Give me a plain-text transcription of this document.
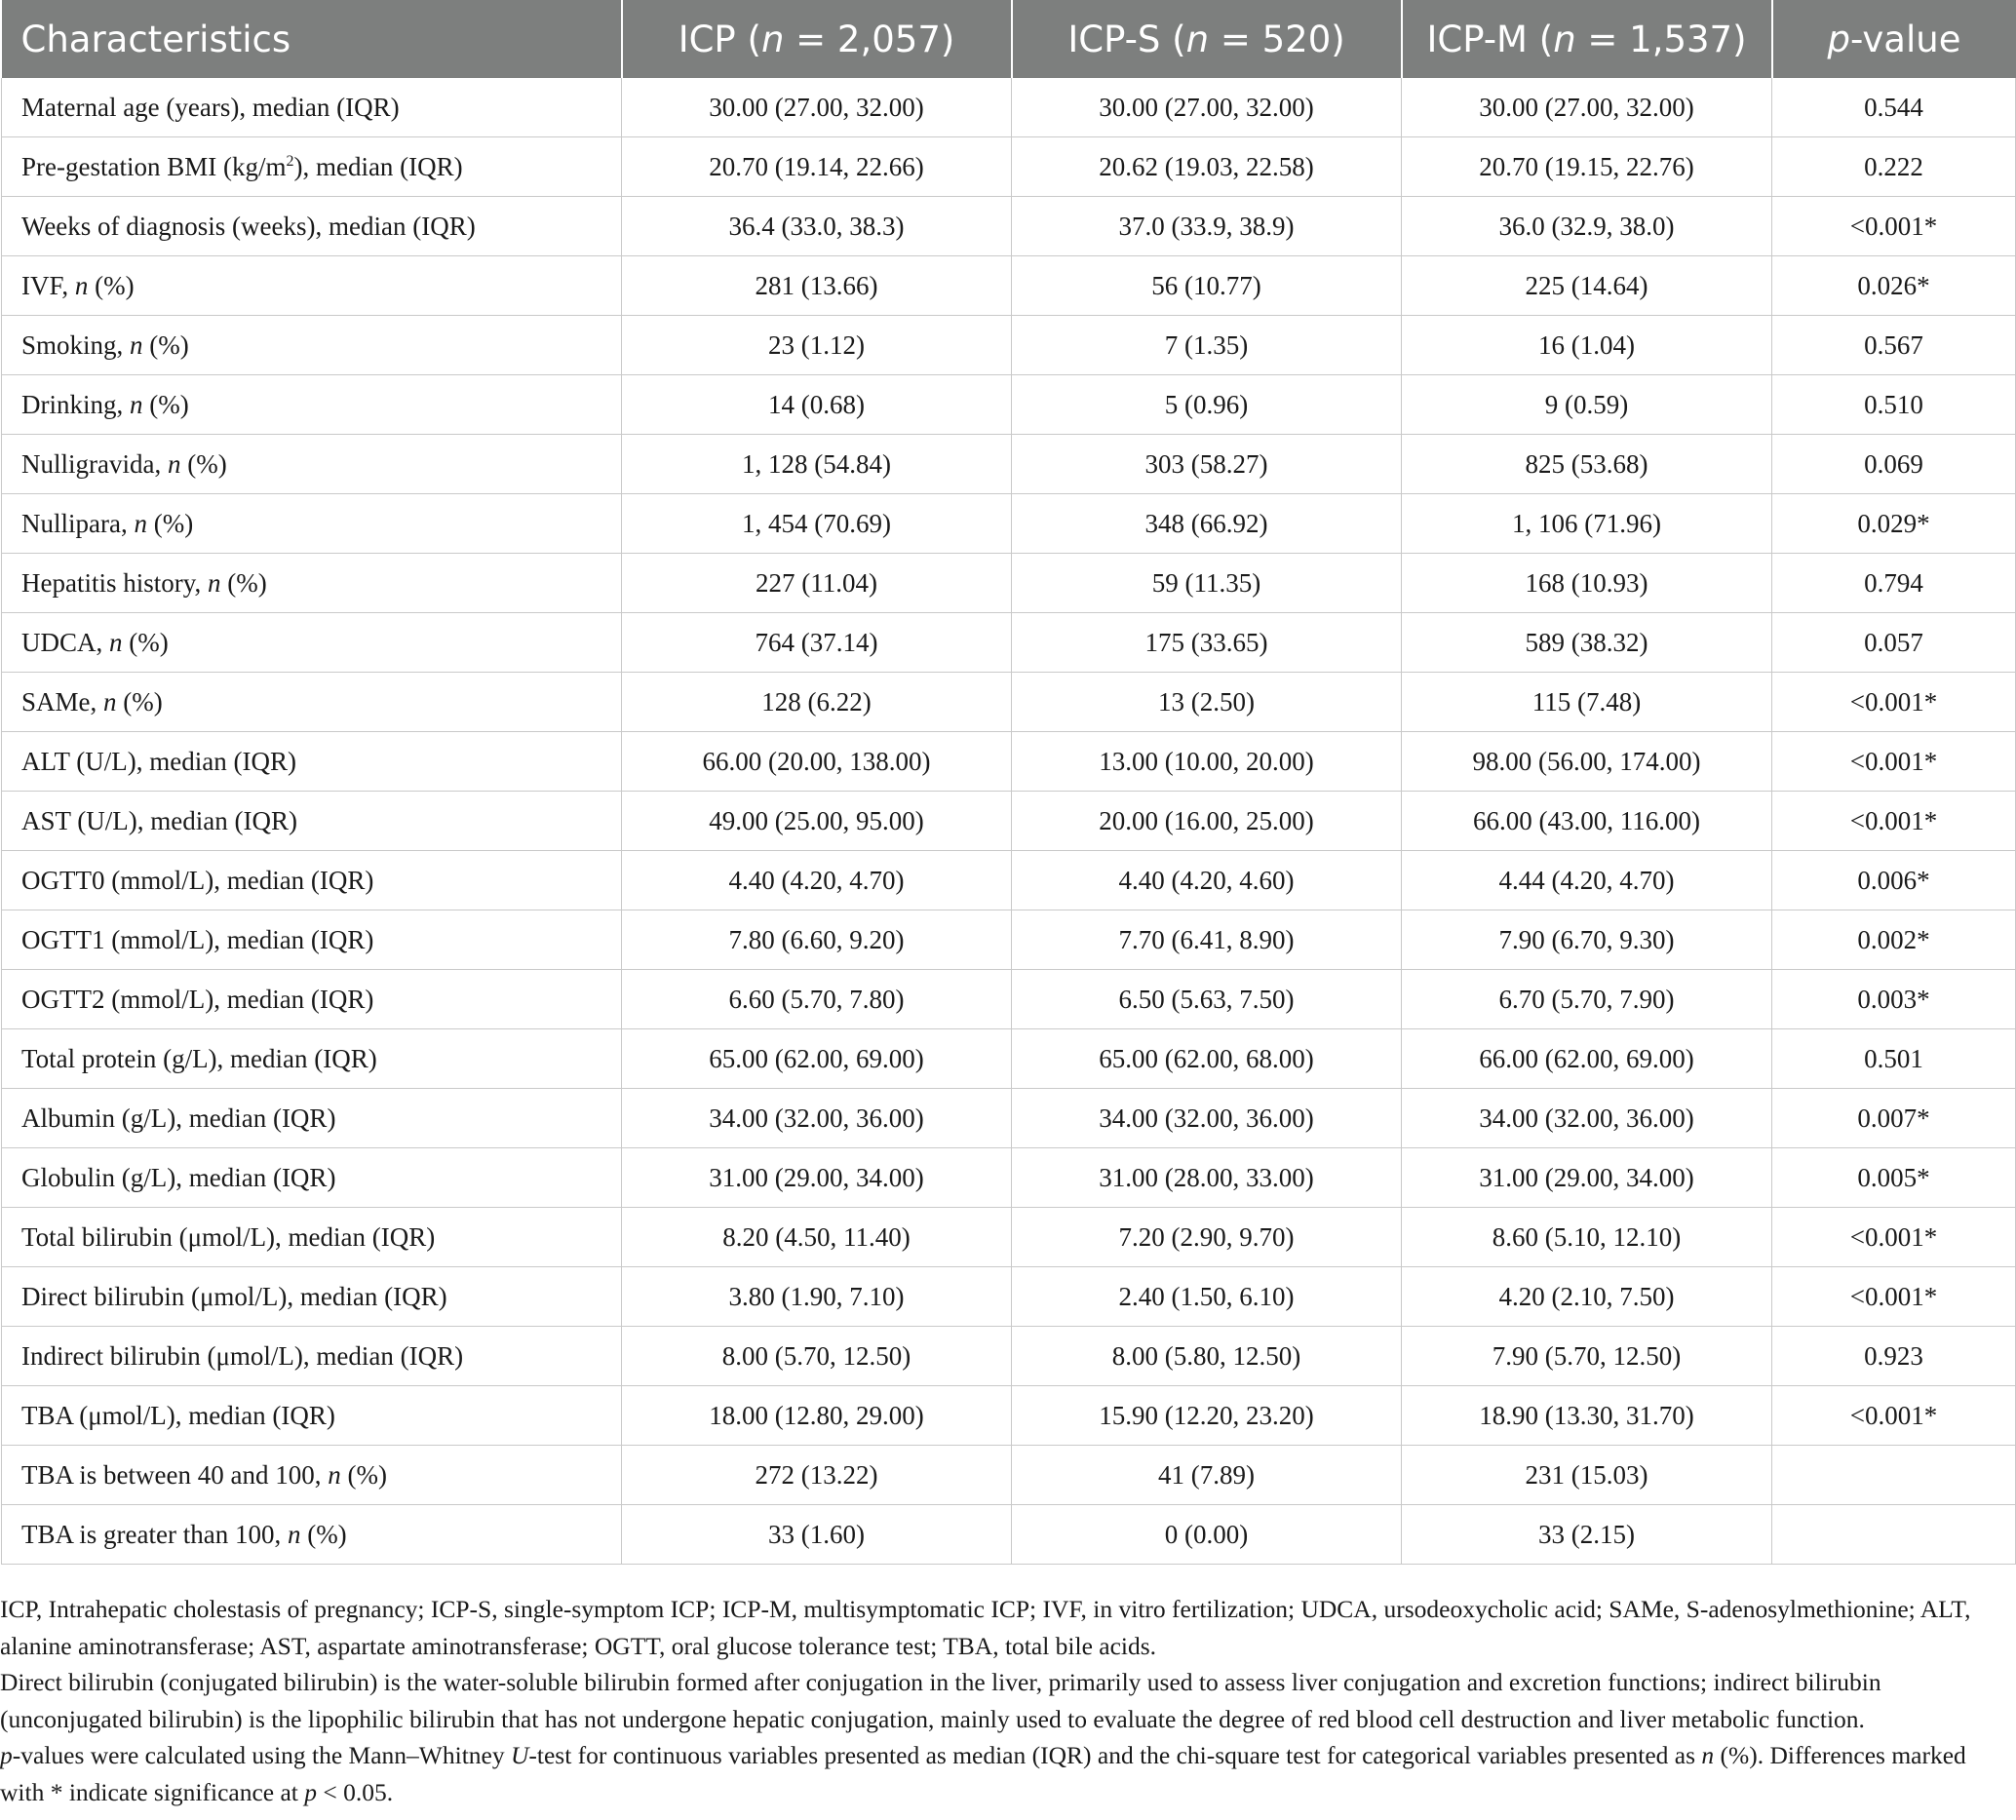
Characteristics	ICP (n = 2,057)	ICP-S (n = 520)	ICP-M (n = 1,537)	p-value
Maternal age (years), median (IQR)	30.00 (27.00, 32.00)	30.00 (27.00, 32.00)	30.00 (27.00, 32.00)	0.544
Pre-gestation BMI $(kg/m^2)$, median (IQR)	20.70 (19.14, 22.66)	20.62 (19.03, 22.58)	20.70 (19.15, 22.76)	0.222
Weeks of diagnosis (weeks), median (IQR)	36.4 (33.0, 38.3)	37.0 (33.9, 38.9)	36.0 (32.9, 38.0)	<0.001*
IVF, n (%)	281 (13.66)	56 (10.77)	225 (14.64)	0.026*
Smoking, n (%)	23 (1.12)	7 (1.35)	16 (1.04)	0.567
Drinking, n (%)	14 (0.68)	5 (0.96)	9 (0.59)	0.510
Nulligravida, n (%)	1, 128 (54.84)	303 (58.27)	825 (53.68)	0.069
Nullipara, n (%)	1, 454 (70.69)	348 (66.92)	1, 106 (71.96)	0.029*
Hepatitis history, n (%)	227 (11.04)	59 (11.35)	168 (10.93)	0.794
UDCA, n (%)	764 (37.14)	175 (33.65)	589 (38.32)	0.057
SAMe, n (%)	128 (6.22)	13 (2.50)	115 (7.48)	<0.001*
ALT (U/L), median (IQR)	66.00 (20.00, 138.00)	13.00 (10.00, 20.00)	98.00 (56.00, 174.00)	<0.001*
AST (U/L), median (IQR)	49.00 (25.00, 95.00)	20.00 (16.00, 25.00)	66.00 (43.00, 116.00)	<0.001*
OGTT0 (mmol/L), median (IQR)	4.40 (4.20, 4.70)	4.40 (4.20, 4.60)	4.44 (4.20, 4.70)	0.006*
OGTT1 (mmol/L), median (IQR)	7.80 (6.60, 9.20)	7.70 (6.41, 8.90)	7.90 (6.70, 9.30)	0.002*
OGTT2 (mmol/L), median (IQR)	6.60 (5.70, 7.80)	6.50 (5.63, 7.50)	6.70 (5.70, 7.90)	0.003*
Total protein (g/L), median (IQR)	65.00 (62.00, 69.00)	65.00 (62.00, 68.00)	66.00 (62.00, 69.00)	0.501
Albumin (g/L), median (IQR)	34.00 (32.00, 36.00)	34.00 (32.00, 36.00)	34.00 (32.00, 36.00)	0.007*
Globulin (g/L), median (IQR)	31.00 (29.00, 34.00)	31.00 (28.00, 33.00)	31.00 (29.00, 34.00)	0.005*
Total bilirubin (μmol/L), median (IQR)	8.20 (4.50, 11.40)	7.20 (2.90, 9.70)	8.60 (5.10, 12.10)	<0.001*
Direct bilirubin (μmol/L), median (IQR)	3.80 (1.90, 7.10)	2.40 (1.50, 6.10)	4.20 (2.10, 7.50)	<0.001*
Indirect bilirubin (μmol/L), median (IQR)	8.00 (5.70, 12.50)	8.00 (5.80, 12.50)	7.90 (5.70, 12.50)	0.923
TBA (μmol/L), median (IQR)	18.00 (12.80, 29.00)	15.90 (12.20, 23.20)	18.90 (13.30, 31.70)	<0.001*
TBA is between 40 and 100, n (%)	272 (13.22)	41 (7.89)	231 (15.03)	
TBA is greater than 100, n (%)	33 (1.60)	0 (0.00)	33 (2.15)	

ICP, Intrahepatic cholestasis of pregnancy; ICP-S, single-symptom ICP; ICP-M, multisymptomatic ICP; IVF, in vitro fertilization; UDCA, ursodeoxycholic acid; SAMe, S-adenosylmethionine; ALT, alanine aminotransferase; AST, aspartate aminotransferase; OGTT, oral glucose tolerance test; TBA, total bile acids.

Direct bilirubin (conjugated bilirubin) is the water-soluble bilirubin formed after conjugation in the liver, primarily used to assess liver conjugation and excretion functions; indirect bilirubin (unconjugated bilirubin) is the lipophilic bilirubin that has not undergone hepatic conjugation, mainly used to evaluate the degree of red blood cell destruction and liver metabolic function.

p-values were calculated using the Mann–Whitney U-test for continuous variables presented as median (IQR) and the chi-square test for categorical variables presented as n (%). Differences marked with * indicate significance at p < 0.05.
